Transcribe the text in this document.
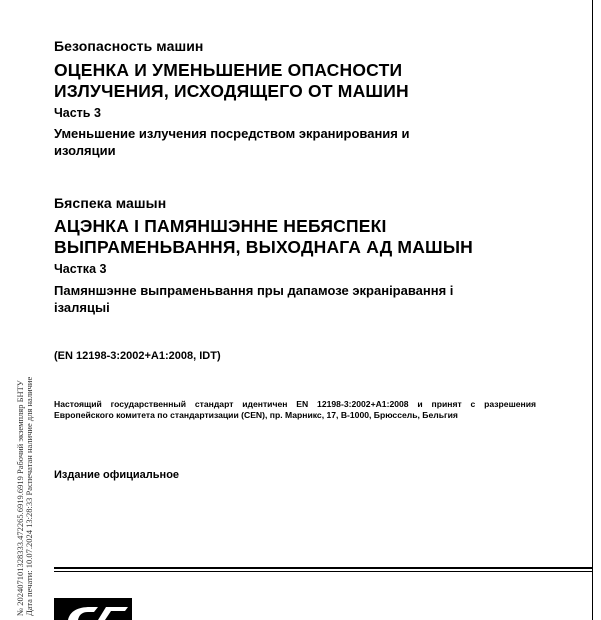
№ 202407101328333.472265.6919.6919 Рабочий экземпляр БНТУ Дата печати: 10.07.2024 13:28:33 Распечатан наличие для наличие
Безопасность машин
ОЦЕНКА И УМЕНЬШЕНИЕ ОПАСНОСТИ
ИЗЛУЧЕНИЯ, ИСХОДЯЩЕГО ОТ МАШИН
Часть 3
Уменьшение излучения посредством экранирования и
изоляции
Бяспека машын
АЦЭНКА І ПАМЯНШЭННЕ НЕБЯСПЕКІ
ВЫПРАМЕНЬВАННЯ, ВЫХОДНАГА АД МАШЫН
Частка 3
Памяншэнне выпраменьвання пры дапамозе экраніравання і
ізаляцыі
(EN 12198-3:2002+A1:2008, IDT)
Настоящий государственный стандарт идентичен EN 12198-3:2002+A1:2008 и принят с разрешения
Европейского комитета по стандартизации (CEN), пр. Марникс, 17, B-1000, Брюссель, Бельгия
Издание официальное
